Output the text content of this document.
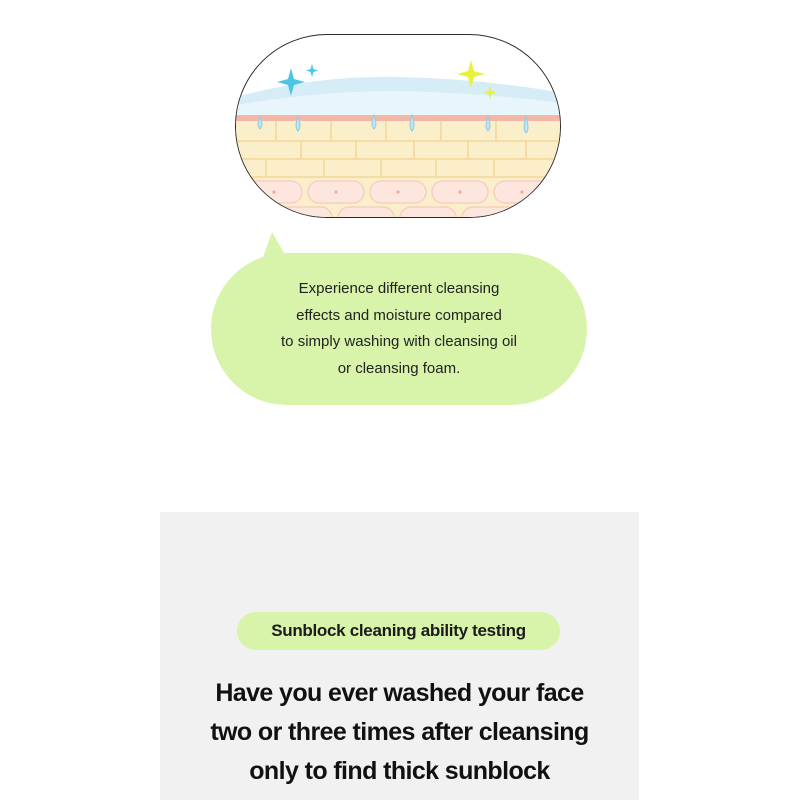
Experience different cleansing
effects and moisture compared
to simply washing with cleansing oil
or cleansing foam.

Sunblock cleaning ability testing

Have you ever washed your face
two or three times after cleansing
only to find thick sunblock
